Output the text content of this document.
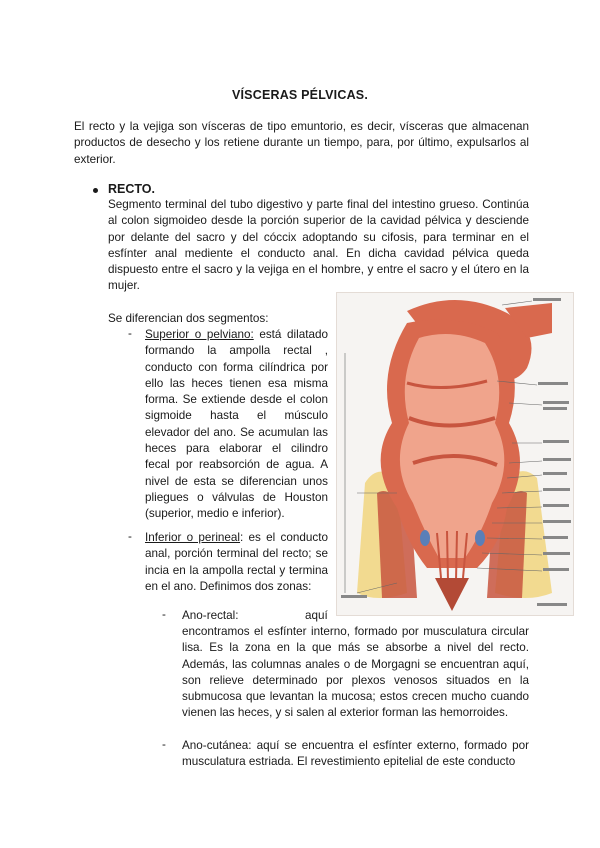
VÍSCERAS PÉLVICAS.
El recto y la vejiga son vísceras de tipo emuntorio, es decir, vísceras que almacenan productos de desecho y los retiene durante un tiempo, para, por último, expulsarlos al exterior.
RECTO.
Segmento terminal del tubo digestivo y parte final del intestino grueso. Continúa al colon sigmoideo desde la porción superior de la cavidad pélvica y desciende por delante del sacro y del cóccix adoptando su cifosis, para terminar en el esfínter anal mediente el conducto anal. En dicha cavidad pélvica queda dispuesto entre el sacro y la vejiga en el hombre, y entre el sacro y el útero en la mujer.
Se diferencian dos segmentos:
- Superior o pelviano: está dilatado formando la ampolla rectal , conducto con forma cilíndrica por ello las heces tienen esa misma forma. Se extiende desde el colon sigmoide hasta el músculo elevador del ano. Se acumulan las heces para elaborar el cilindro fecal por reabsorción de agua. A nivel de esta se diferencian unos pliegues o válvulas de Houston (superior, medio e inferior).
- Inferior o perineal: es el conducto anal, porción terminal del recto; se incia en la ampolla rectal y termina en el ano. Definimos dos zonas:
- Ano-rectal:	aquí
encontramos el esfínter interno, formado por musculatura circular lisa. Es la zona en la que más se absorbe a nivel del recto. Además, las columnas anales o de Morgagni se encuentran aquí, son relieve determinado por plexos venosos situados en la submucosa que levantan la mucosa; estos crecen mucho cuando vienen las heces, y si salen al exterior forman las hemorroides.
- Ano-cutánea: aquí se encuentra el esfínter externo, formado por musculatura estriada. El revestimiento epitelial de este conducto
